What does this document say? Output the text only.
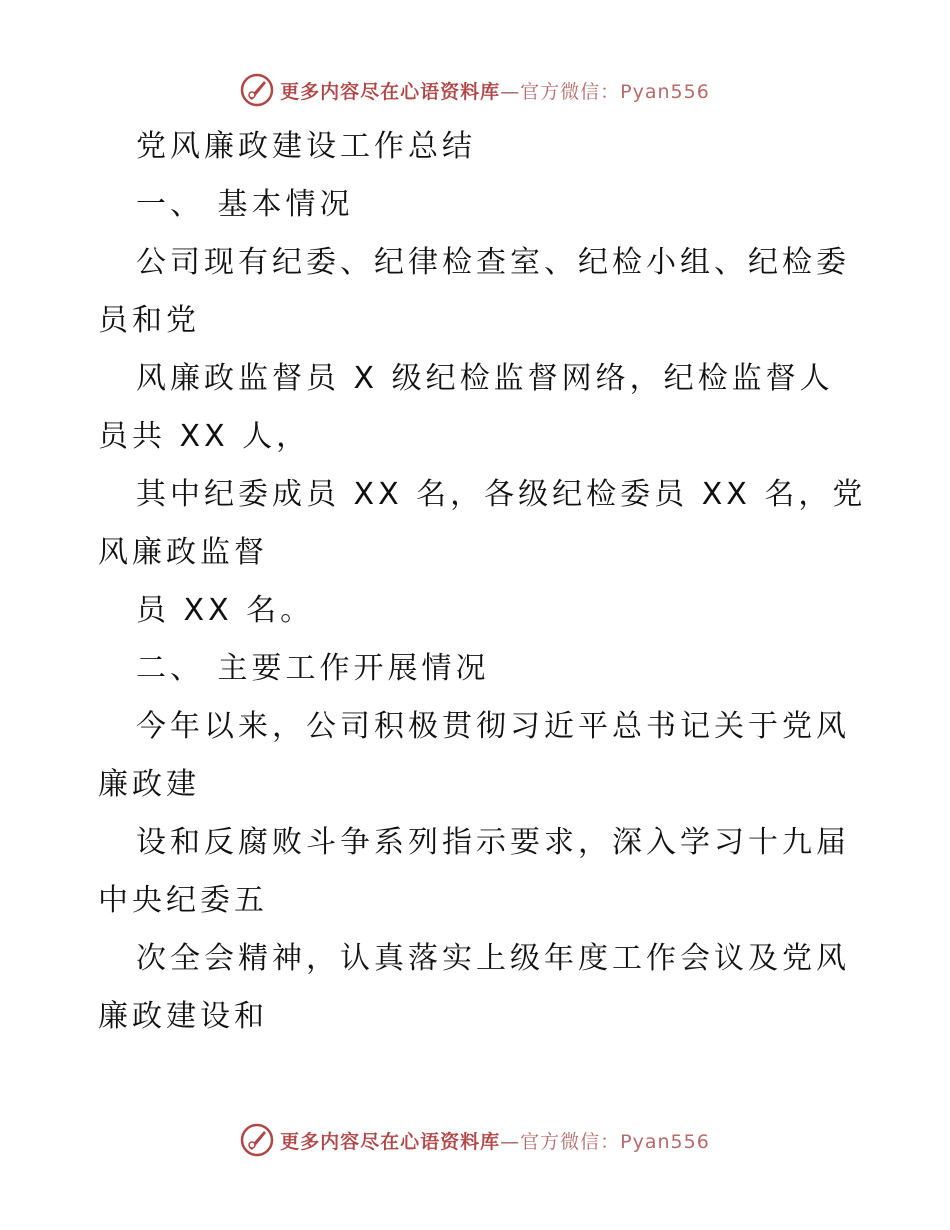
更多内容尽在心语资料库—官方微信：Pyan556
党风廉政建设工作总结
一、 基本情况
公司现有纪委、纪律检查室、纪检小组、纪检委
员和党
风廉政监督员 X 级纪检监督网络，纪检监督人
员共 XX 人，
其中纪委成员 XX 名，各级纪检委员 XX 名，党
风廉政监督
员 XX 名。
二、 主要工作开展情况
今年以来，公司积极贯彻习近平总书记关于党风
廉政建
设和反腐败斗争系列指示要求，深入学习十九届
中央纪委五
次全会精神，认真落实上级年度工作会议及党风
廉政建设和
更多内容尽在心语资料库—官方微信：Pyan556
